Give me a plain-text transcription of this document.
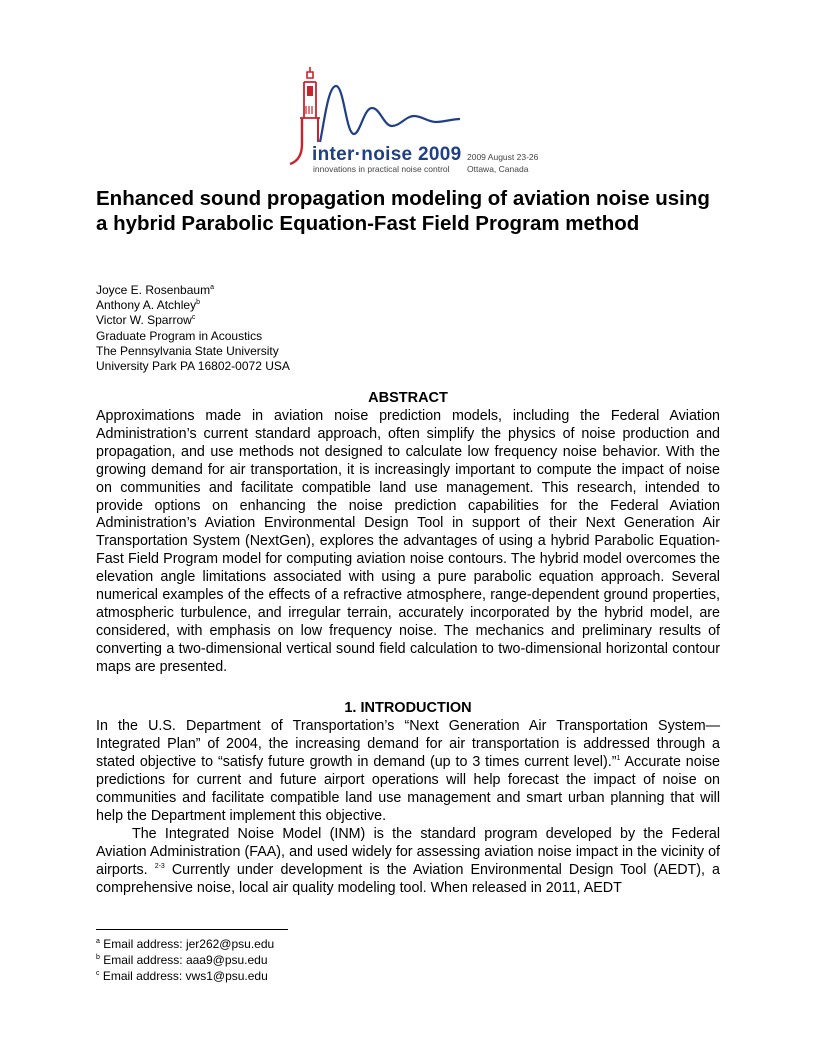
inter·noise 2009
innovations in practical noise control
2009 August 23-26
Ottawa, Canada
Enhanced sound propagation modeling of aviation noise using a hybrid Parabolic Equation-Fast Field Program method
Joyce E. Rosenbaum$^a$
Anthony A. Atchley$^b$
Victor W. Sparrow$^c$
Graduate Program in Acoustics
The Pennsylvania State University
University Park PA 16802-0072 USA
ABSTRACT

Approximations made in aviation noise prediction models, including the Federal Aviation Administration’s current standard approach, often simplify the physics of noise production and propagation, and use methods not designed to calculate low frequency noise behavior. With the growing demand for air transportation, it is increasingly important to compute the impact of noise on communities and facilitate compatible land use management. This research, intended to provide options on enhancing the noise prediction capabilities for the Federal Aviation Administration’s Aviation Environmental Design Tool in support of their Next Generation Air Transportation System (NextGen), explores the advantages of using a hybrid Parabolic Equation-Fast Field Program model for computing aviation noise contours. The hybrid model overcomes the elevation angle limitations associated with using a pure parabolic equation approach. Several numerical examples of the effects of a refractive atmosphere, range-dependent ground properties, atmospheric turbulence, and irregular terrain, accurately incorporated by the hybrid model, are considered, with emphasis on low frequency noise. The mechanics and preliminary results of converting a two-dimensional vertical sound field calculation to two-dimensional horizontal contour maps are presented.

1. INTRODUCTION

In the U.S. Department of Transportation’s “Next Generation Air Transportation System—Integrated Plan” of 2004, the increasing demand for air transportation is addressed through a stated objective to “satisfy future growth in demand (up to 3 times current level).”$^1$ Accurate noise predictions for current and future airport operations will help forecast the impact of noise on communities and facilitate compatible land use management and smart urban planning that will help the Department implement this objective.

The Integrated Noise Model (INM) is the standard program developed by the Federal Aviation Administration (FAA), and used widely for assessing aviation noise impact in the vicinity of airports. $^{2-3}$ Currently under development is the Aviation Environmental Design Tool (AEDT), a comprehensive noise, local air quality modeling tool. When released in 2011, AEDT

$^a$ Email address: jer262@psu.edu
$^b$ Email address: aaa9@psu.edu
$^c$ Email address: vws1@psu.edu
